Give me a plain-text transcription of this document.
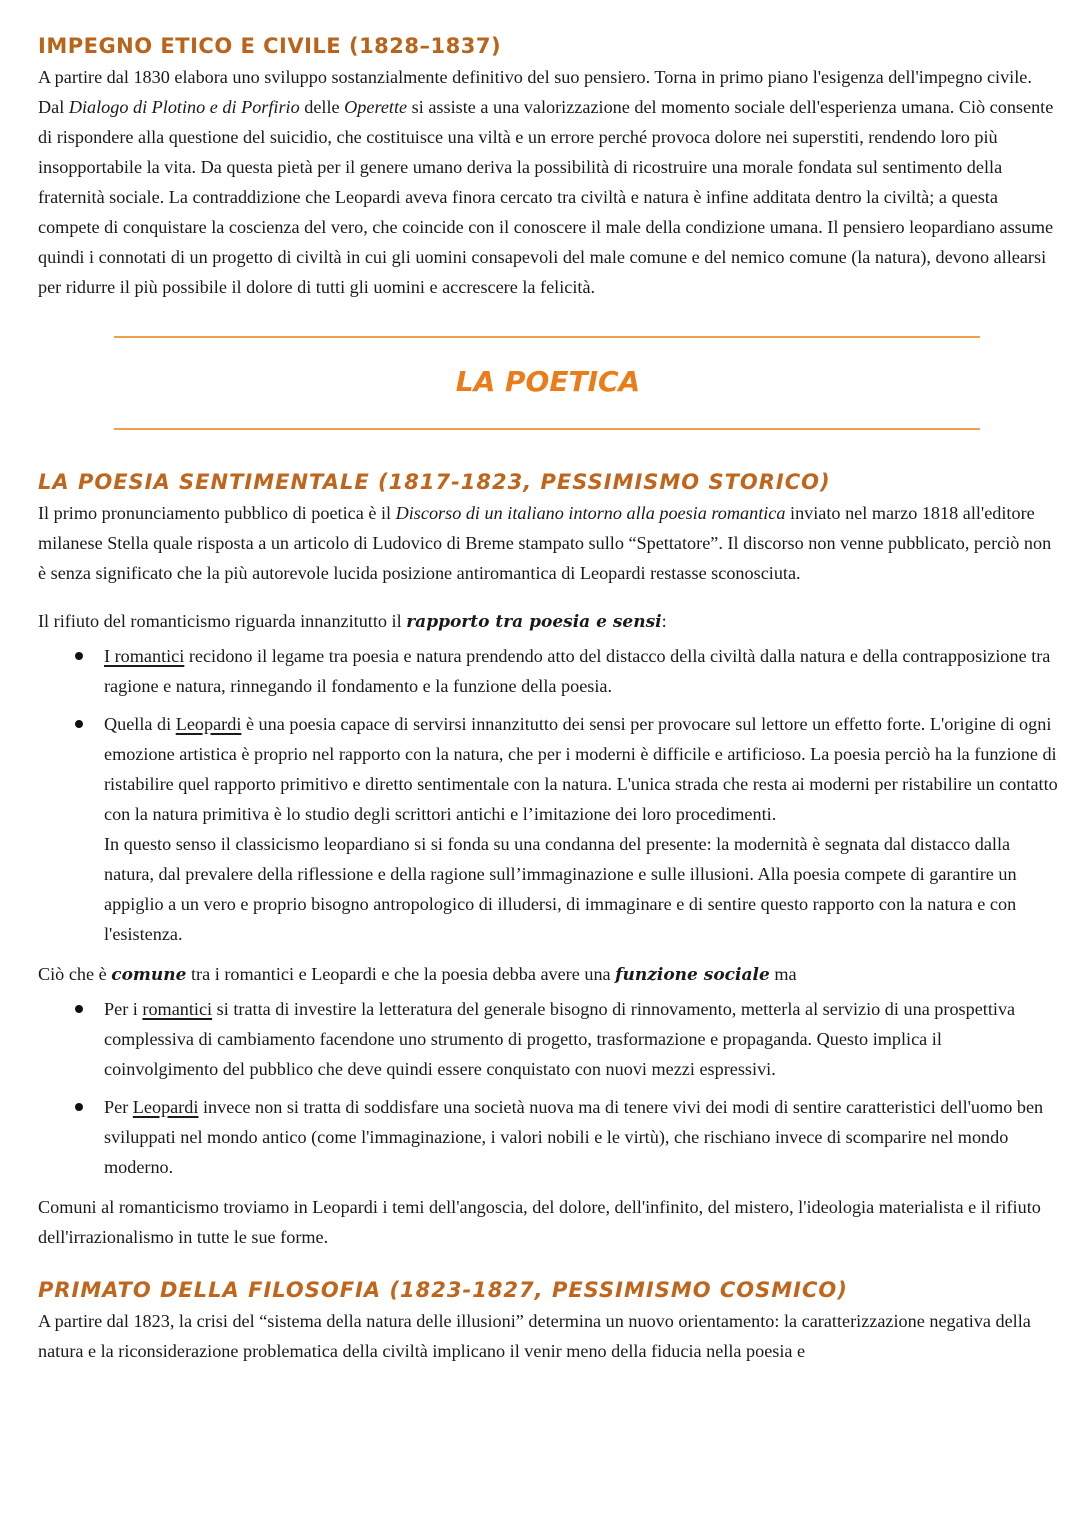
IMPEGNO ETICO E CIVILE (1828–1837)

A partire dal 1830 elabora uno sviluppo sostanzialmente definitivo del suo pensiero. Torna in primo piano l'esigenza dell'impegno civile. Dal Dialogo di Plotino e di Porfirio delle Operette si assiste a una valorizzazione del momento sociale dell'esperienza umana. Ciò consente di rispondere alla questione del suicidio, che costituisce una viltà e un errore perché provoca dolore nei superstiti, rendendo loro più insopportabile la vita. Da questa pietà per il genere umano deriva la possibilità di ricostruire una morale fondata sul sentimento della fraternità sociale. La contraddizione che Leopardi aveva finora cercato tra civiltà e natura è infine additata dentro la civiltà; a questa compete di conquistare la coscienza del vero, che coincide con il conoscere il male della condizione umana. Il pensiero leopardiano assume quindi i connotati di un progetto di civiltà in cui gli uomini consapevoli del male comune e del nemico comune (la natura), devono allearsi per ridurre il più possibile il dolore di tutti gli uomini e accrescere la felicità.

LA POETICA
LA POESIA SENTIMENTALE (1817-1823, PESSIMISMO STORICO)

Il primo pronunciamento pubblico di poetica è il Discorso di un italiano intorno alla poesia romantica inviato nel marzo 1818 all'editore milanese Stella quale risposta a un articolo di Ludovico di Breme stampato sullo “Spettatore”. Il discorso non venne pubblicato, perciò non è senza significato che la più autorevole lucida posizione antiromantica di Leopardi restasse sconosciuta.

Il rifiuto del romanticismo riguarda innanzitutto il rapporto tra poesia e sensi:

I romantici recidono il legame tra poesia e natura prendendo atto del distacco della civiltà dalla natura e della contrapposizione tra ragione e natura, rinnegando il fondamento e la funzione della poesia.
Quella di Leopardi è una poesia capace di servirsi innanzitutto dei sensi per provocare sul lettore un effetto forte. L'origine di ogni emozione artistica è proprio nel rapporto con la natura, che per i moderni è difficile e artificioso. La poesia perciò ha la funzione di ristabilire quel rapporto primitivo e diretto sentimentale con la natura. L'unica strada che resta ai moderni per ristabilire un contatto con la natura primitiva è lo studio degli scrittori antichi e l’imitazione dei loro procedimenti.
In questo senso il classicismo leopardiano si si fonda su una condanna del presente: la modernità è segnata dal distacco dalla natura, dal prevalere della riflessione e della ragione sull’immaginazione e sulle illusioni. Alla poesia compete di garantire un appiglio a un vero e proprio bisogno antropologico di illudersi, di immaginare e di sentire questo rapporto con la natura e con l'esistenza.

Ciò che è comune tra i romantici e Leopardi e che la poesia debba avere una funzione sociale ma

Per i romantici si tratta di investire la letteratura del generale bisogno di rinnovamento, metterla al servizio di una prospettiva complessiva di cambiamento facendone uno strumento di progetto, trasformazione e propaganda. Questo implica il coinvolgimento del pubblico che deve quindi essere conquistato con nuovi mezzi espressivi.
Per Leopardi invece non si tratta di soddisfare una società nuova ma di tenere vivi dei modi di sentire caratteristici dell'uomo ben sviluppati nel mondo antico (come l'immaginazione, i valori nobili e le virtù), che rischiano invece di scomparire nel mondo moderno.

Comuni al romanticismo troviamo in Leopardi i temi dell'angoscia, del dolore, dell'infinito, del mistero, l'ideologia materialista e il rifiuto dell'irrazionalismo in tutte le sue forme.

PRIMATO DELLA FILOSOFIA (1823-1827, PESSIMISMO COSMICO)

A partire dal 1823, la crisi del “sistema della natura delle illusioni” determina un nuovo orientamento: la caratterizzazione negativa della natura e la riconsiderazione problematica della civiltà implicano il venir meno della fiducia nella poesia e
